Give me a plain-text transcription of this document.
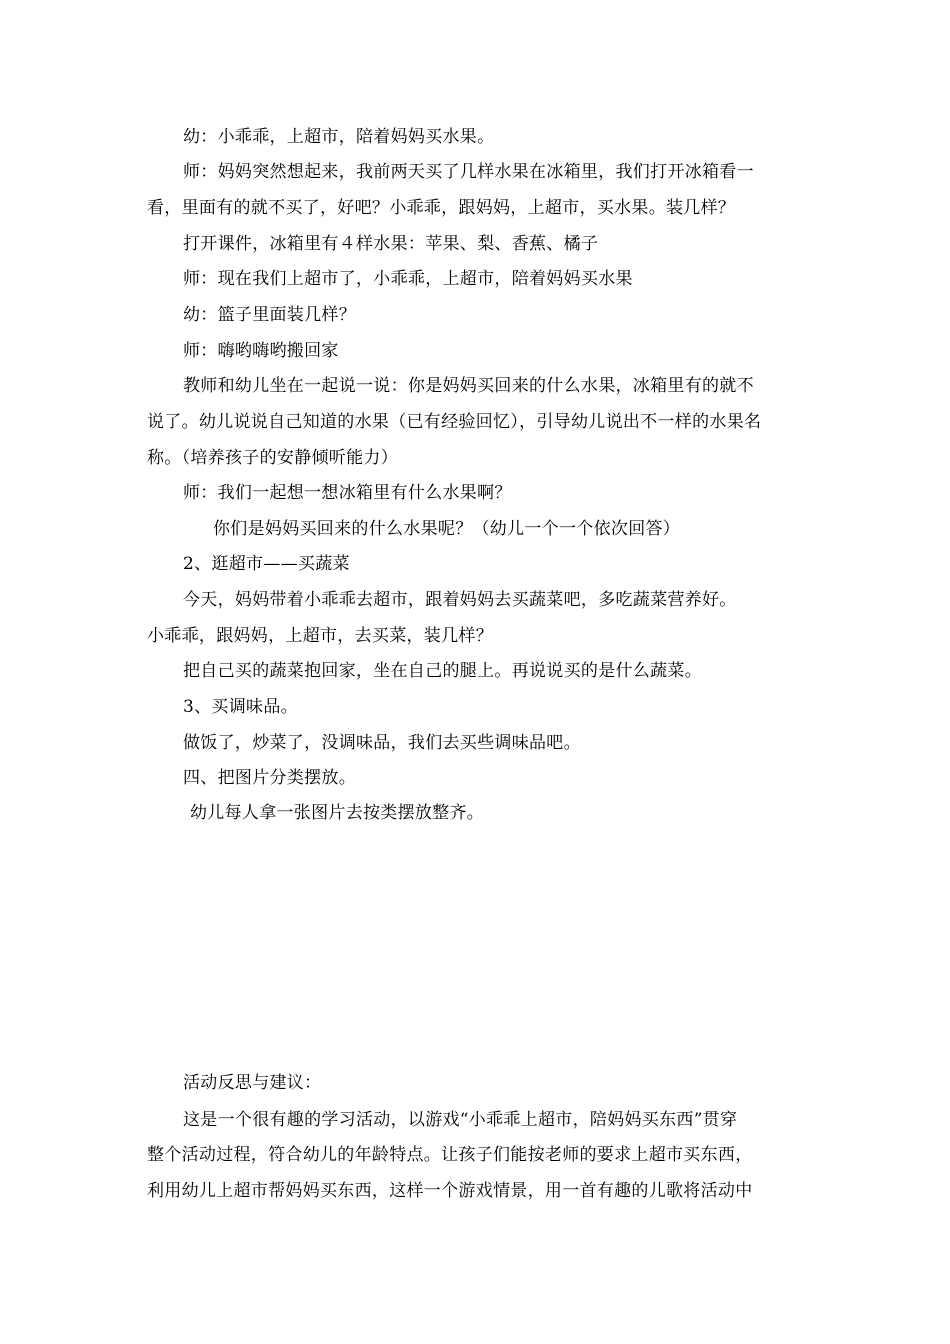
幼：小乖乖，上超市，陪着妈妈买水果。
师：妈妈突然想起来，我前两天买了几样水果在冰箱里，我们打开冰箱看一
看，里面有的就不买了，好吧？小乖乖，跟妈妈，上超市，买水果。装几样？
打开课件，冰箱里有４样水果：苹果、梨、香蕉、橘子
师：现在我们上超市了，小乖乖，上超市，陪着妈妈买水果
幼：篮子里面装几样？
师：嗨哟嗨哟搬回家
教师和幼儿坐在一起说一说：你是妈妈买回来的什么水果，冰箱里有的就不
说了。幼儿说说自己知道的水果（已有经验回忆），引导幼儿说出不一样的水果名
称。（培养孩子的安静倾听能力）
师：我们一起想一想冰箱里有什么水果啊？
你们是妈妈买回来的什么水果呢？（幼儿一个一个依次回答）
2、逛超市——买蔬菜
今天，妈妈带着小乖乖去超市，跟着妈妈去买蔬菜吧，多吃蔬菜营养好。
小乖乖，跟妈妈，上超市，去买菜，装几样？
把自己买的蔬菜抱回家，坐在自己的腿上。再说说买的是什么蔬菜。
3、买调味品。
做饭了，炒菜了，没调味品，我们去买些调味品吧。
四、把图片分类摆放。
幼儿每人拿一张图片去按类摆放整齐。
活动反思与建议：
这是一个很有趣的学习活动，以游戏“小乖乖上超市，陪妈妈买东西”贯穿
整个活动过程，符合幼儿的年龄特点。让孩子们能按老师的要求上超市买东西，
利用幼儿上超市帮妈妈买东西，这样一个游戏情景，用一首有趣的儿歌将活动中
